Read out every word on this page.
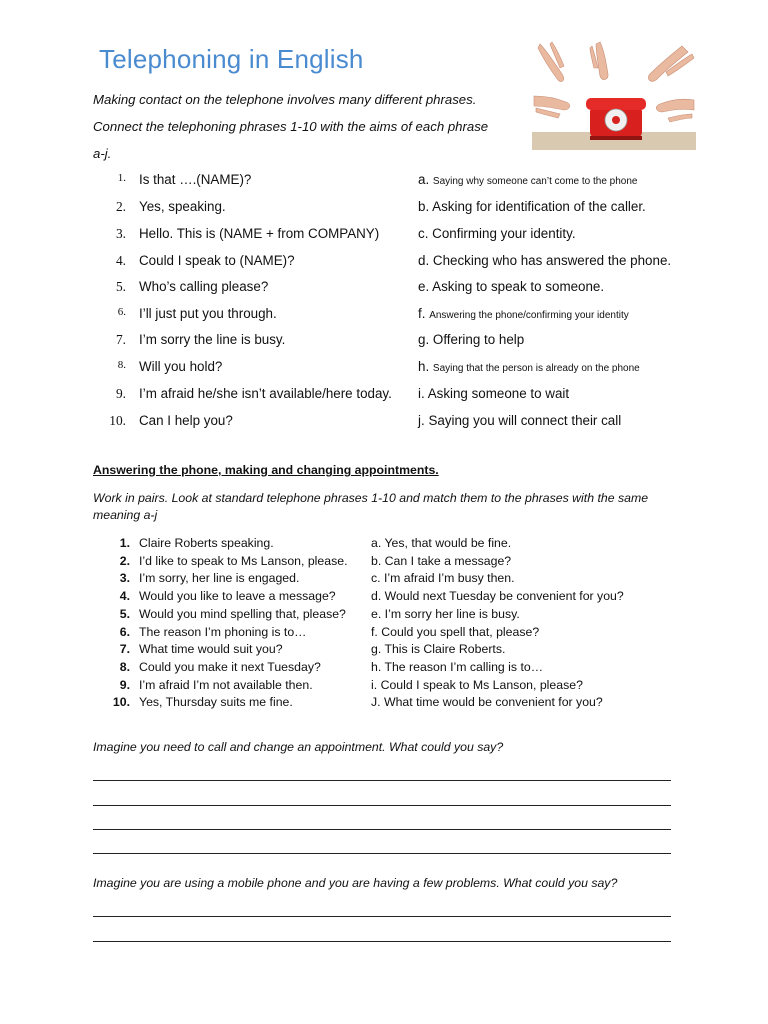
Telephoning in English
Making contact on the telephone involves many different phrases.
Connect the telephoning phrases 1-10 with the aims of each phrase
a-j.
1. Is that ….(NAME)?	a. Saying why someone can’t come to the phone
2. Yes, speaking.	b. Asking for identification of the caller.
3. Hello. This is (NAME + from COMPANY)	c. Confirming your identity.
4. Could I speak to (NAME)?	d. Checking who has answered the phone.
5. Who’s calling please?	e. Asking to speak to someone.
6. I’ll just put you through.	f. Answering the phone/confirming your identity
7. I’m sorry the line is busy.	g. Offering to help
8. Will you hold?	h. Saying that the person is already on the phone
9. I’m afraid he/she isn’t available/here today. i. Asking someone to wait
10. Can I help you?	j. Saying you will connect their call
Answering the phone, making and changing appointments.
Work in pairs. Look at standard telephone phrases 1-10 and match them to the phrases with the same meaning a-j
1. Claire Roberts speaking.	a. Yes, that would be fine.
2. I’d like to speak to Ms Lanson, please. b. Can I take a message?
3. I’m sorry, her line is engaged.	c. I’m afraid I’m busy then.
4. Would you like to leave a message?	d. Would next Tuesday be convenient for you?
5. Would you mind spelling that, please? e. I’m sorry her line is busy.
6. The reason I’m phoning is to…	f. Could you spell that, please?
7. What time would suit you?	g. This is Claire Roberts.
8. Could you make it next Tuesday?	h. The reason I’m calling is to…
9. I’m afraid I’m not available then.	i. Could I speak to Ms Lanson, please?
10. Yes, Thursday suits me fine.	J. What time would be convenient for you?
Imagine you need to call and change an appointment. What could you say?
Imagine you are using a mobile phone and you are having a few problems. What could you say?
